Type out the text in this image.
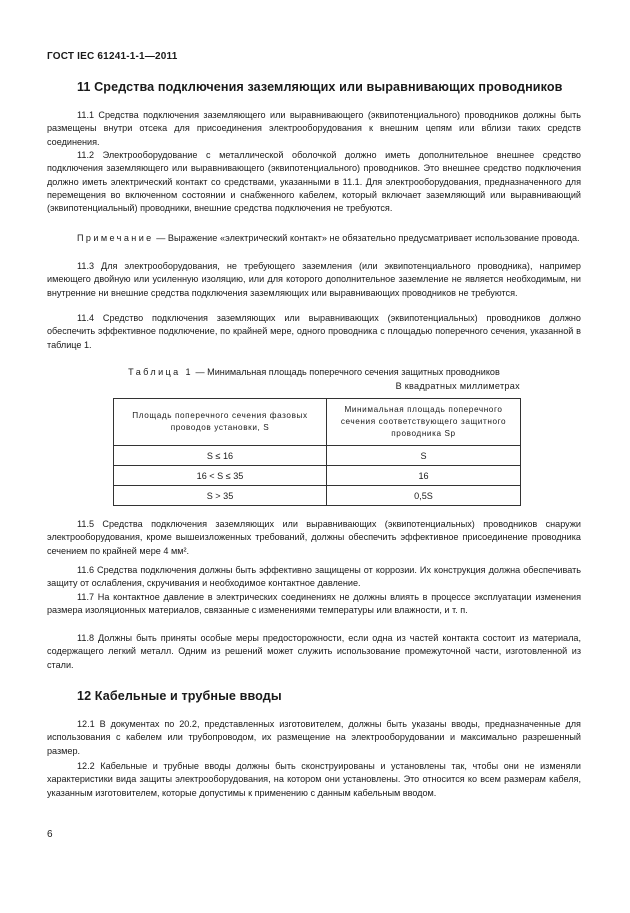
ГОСТ IEC 61241-1-1—2011
11 Средства подключения заземляющих или выравнивающих проводников
11.1 Средства подключения заземляющего или выравнивающего (эквипотенциального) проводников должны быть размещены внутри отсека для присоединения электрооборудования к внешним цепям или вблизи таких средств соединения.
11.2 Электрооборудование с металлической оболочкой должно иметь дополнительное внешнее средство подключения заземляющего или выравнивающего (эквипотенциального) проводников. Это внешнее средство подключения должно иметь электрический контакт со средствами, указанными в 11.1. Для электрооборудования, предназначенного для перемещения во включенном состоянии и снабженного кабелем, который включает заземляющий или выравнивающий (эквипотенциальный) проводники, внешние средства подключения не требуются.
Примечание — Выражение «электрический контакт» не обязательно предусматривает использование провода.
11.3 Для электрооборудования, не требующего заземления (или эквипотенциального проводника), например имеющего двойную или усиленную изоляцию, или для которого дополнительное заземление не является необходимым, ни внутренние ни внешние средства подключения заземляющих или выравнивающих проводников не требуются.
11.4 Средство подключения заземляющих или выравнивающих (эквипотенциальных) проводников должно обеспечить эффективное подключение, по крайней мере, одного проводника с площадью поперечного сечения, указанной в таблице 1.
Таблица 1 — Минимальная площадь поперечного сечения защитных проводников
В квадратных миллиметрах
Площадь поперечного сечения фазовых проводов установки, S	Минимальная площадь поперечного сечения соответствующего защитного проводника Sp
S ≤ 16	S
16 < S ≤ 35	16
S > 35	0,5S
11.5 Средства подключения заземляющих или выравнивающих (эквипотенциальных) проводников снаружи электрооборудования, кроме вышеизложенных требований, должны обеспечить эффективное присоединение проводника сечением по крайней мере 4 мм².
11.6 Средства подключения должны быть эффективно защищены от коррозии. Их конструкция должна обеспечивать защиту от ослабления, скручивания и необходимое контактное давление.
11.7 На контактное давление в электрических соединениях не должны влиять в процессе эксплуатации изменения размера изоляционных материалов, связанные с изменениями температуры или влажности, и т. п.
11.8 Должны быть приняты особые меры предосторожности, если одна из частей контакта состоит из материала, содержащего легкий металл. Одним из решений может служить использование промежуточной части, изготовленной из стали.
12 Кабельные и трубные вводы
12.1 В документах по 20.2, представленных изготовителем, должны быть указаны вводы, предназначенные для использования с кабелем или трубопроводом, их размещение на электрооборудовании и максимально разрешенный размер.
12.2 Кабельные и трубные вводы должны быть сконструированы и установлены так, чтобы они не изменяли характеристики вида защиты электрооборудования, на котором они установлены. Это относится ко всем размерам кабеля, указанным изготовителем, которые допустимы к применению с данным кабельным вводом.
6
